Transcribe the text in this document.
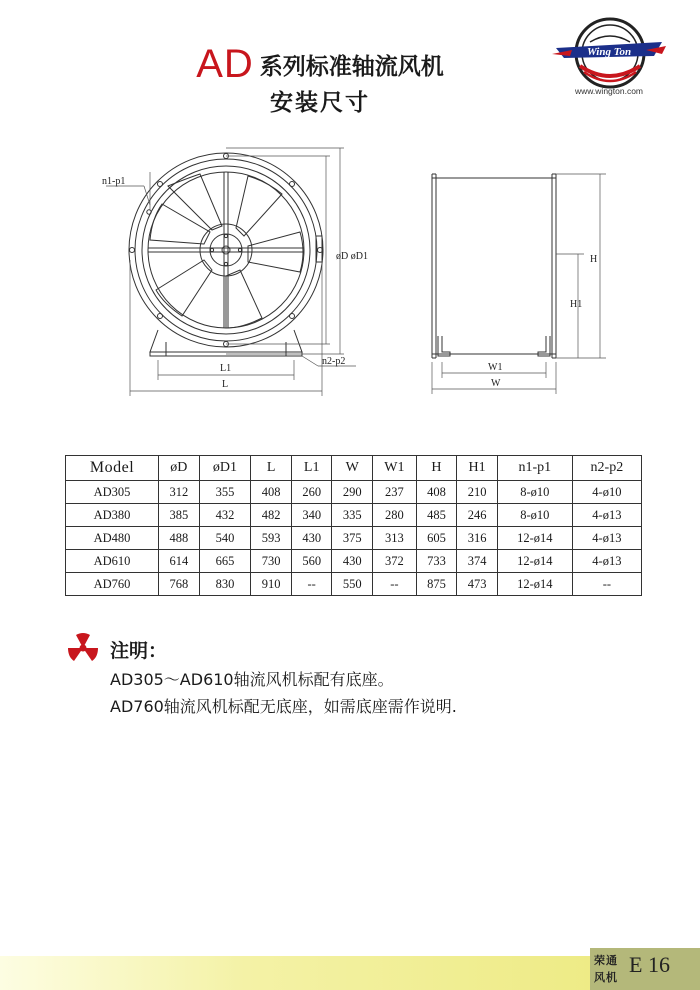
AD 系列标准轴流风机
安装尺寸
Wing Ton
www.wington.com
n1-p1
øD øD1
L1
L
n2-p2
H
H1
W1
W
Model	øD	øD1	L	L1	W	W1	H	H1	n1-p1	n2-p2
AD305	312	355	408	260	290	237	408	210	8-ø10	4-ø10
AD380	385	432	482	340	335	280	485	246	8-ø10	4-ø13
AD480	488	540	593	430	375	313	605	316	12-ø14	4-ø13
AD610	614	665	730	560	430	372	733	374	12-ø14	4-ø13
AD760	768	830	910	--	550	--	875	473	12-ø14	--
注明：
AD305～AD610轴流风机标配有底座。
AD760轴流风机标配无底座，如需底座需作说明.
荣通
风机
E 16
